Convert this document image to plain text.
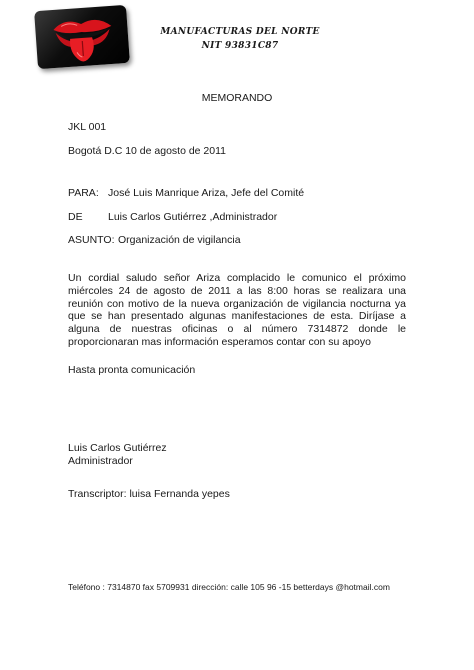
MANUFACTURAS DEL NORTE
NIT 93831C87
MEMORANDO
JKL 001
Bogotá D.C 10 de agosto de 2011
PARA: José Luis Manrique Ariza, Jefe del Comité
DE Luis Carlos Gutiérrez ,Administrador
ASUNTO: Organización de vigilancia
Un cordial saludo señor Ariza complacido le comunico el próximo miércoles 24 de agosto de 2011 a las 8:00 horas se realizara una reunión con motivo de la nueva organización de vigilancia nocturna ya que se han presentado algunas manifestaciones de esta. Diríjase a alguna de nuestras oficinas o al número 7314872 donde le proporcionaran mas información esperamos contar con su apoyo
Hasta pronta comunicación
Luis Carlos Gutiérrez
Administrador
Transcriptor: luisa Fernanda yepes
Teléfono : 7314870 fax 5709931 dirección: calle 105 96 -15 betterdays @hotmail.com
